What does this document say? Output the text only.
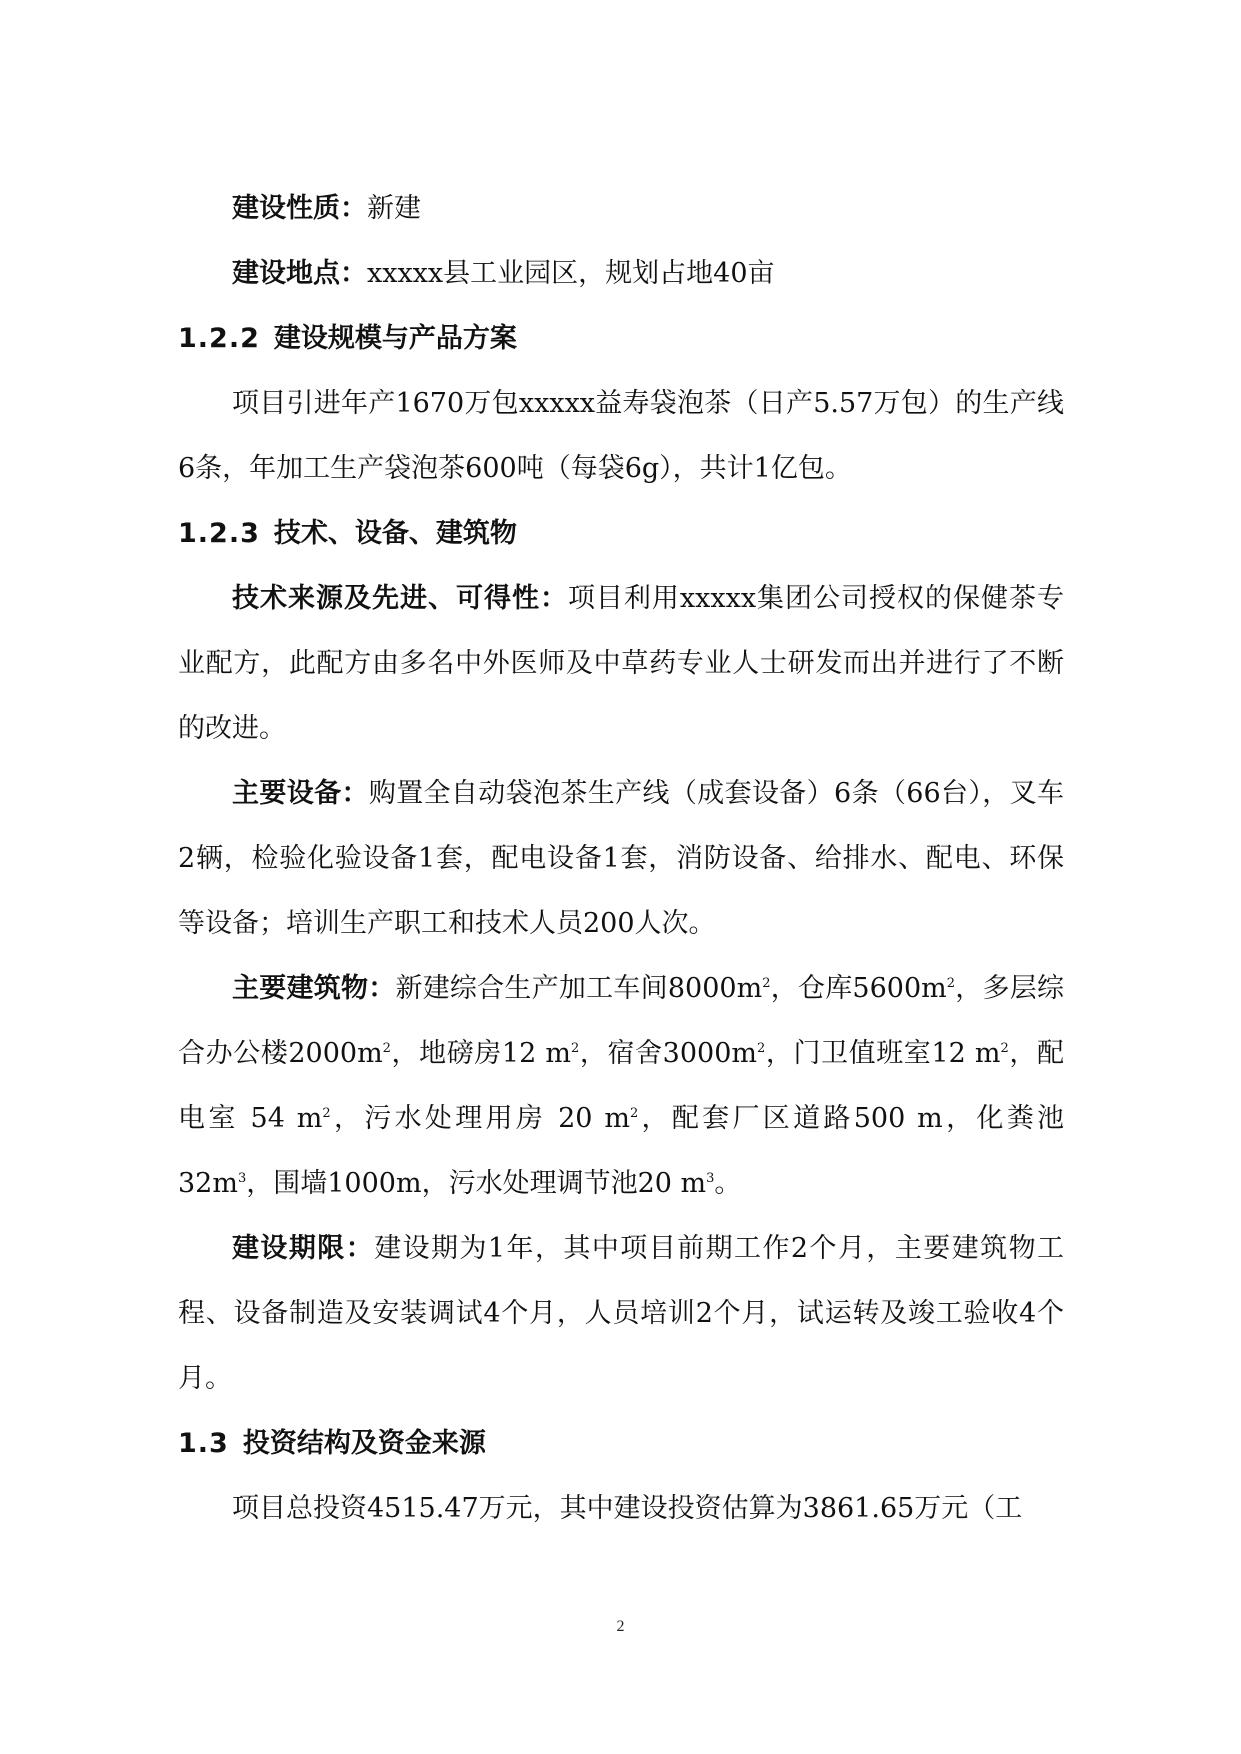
建设性质：新建

建设地点：xxxxx县工业园区，规划占地40亩

1.2.2 建设规模与产品方案

项目引进年产1670万包xxxxx益寿袋泡茶（日产5.57万包）的生产线6条，年加工生产袋泡茶600吨（每袋6g），共计1亿包。

1.2.3 技术、设备、建筑物

技术来源及先进、可得性：项目利用xxxxx集团公司授权的保健茶专业配方，此配方由多名中外医师及中草药专业人士研发而出并进行了不断的改进。

主要设备：购置全自动袋泡茶生产线（成套设备）6条（66台），叉车2辆，检验化验设备1套，配电设备1套，消防设备、给排水、配电、环保等设备；培训生产职工和技术人员200人次。

主要建筑物：新建综合生产加工车间$8000m^2$，仓库$5600m^2$，多层综合办公楼$2000m^2$，地磅房12 $m^2$，宿舍$3000m^2$，门卫值班室12 $m^2$，配电室 54 $m^2$，污水处理用房 20 $m^2$，配套厂区道路500 m，化粪池$32m^3$，围墙1000m，污水处理调节池20 $m^3$。

建设期限：建设期为1年，其中项目前期工作2个月，主要建筑物工程、设备制造及安装调试4个月，人员培训2个月，试运转及竣工验收4个月。

1.3 投资结构及资金来源

项目总投资4515.47万元，其中建设投资估算为3861.65万元（工

2
